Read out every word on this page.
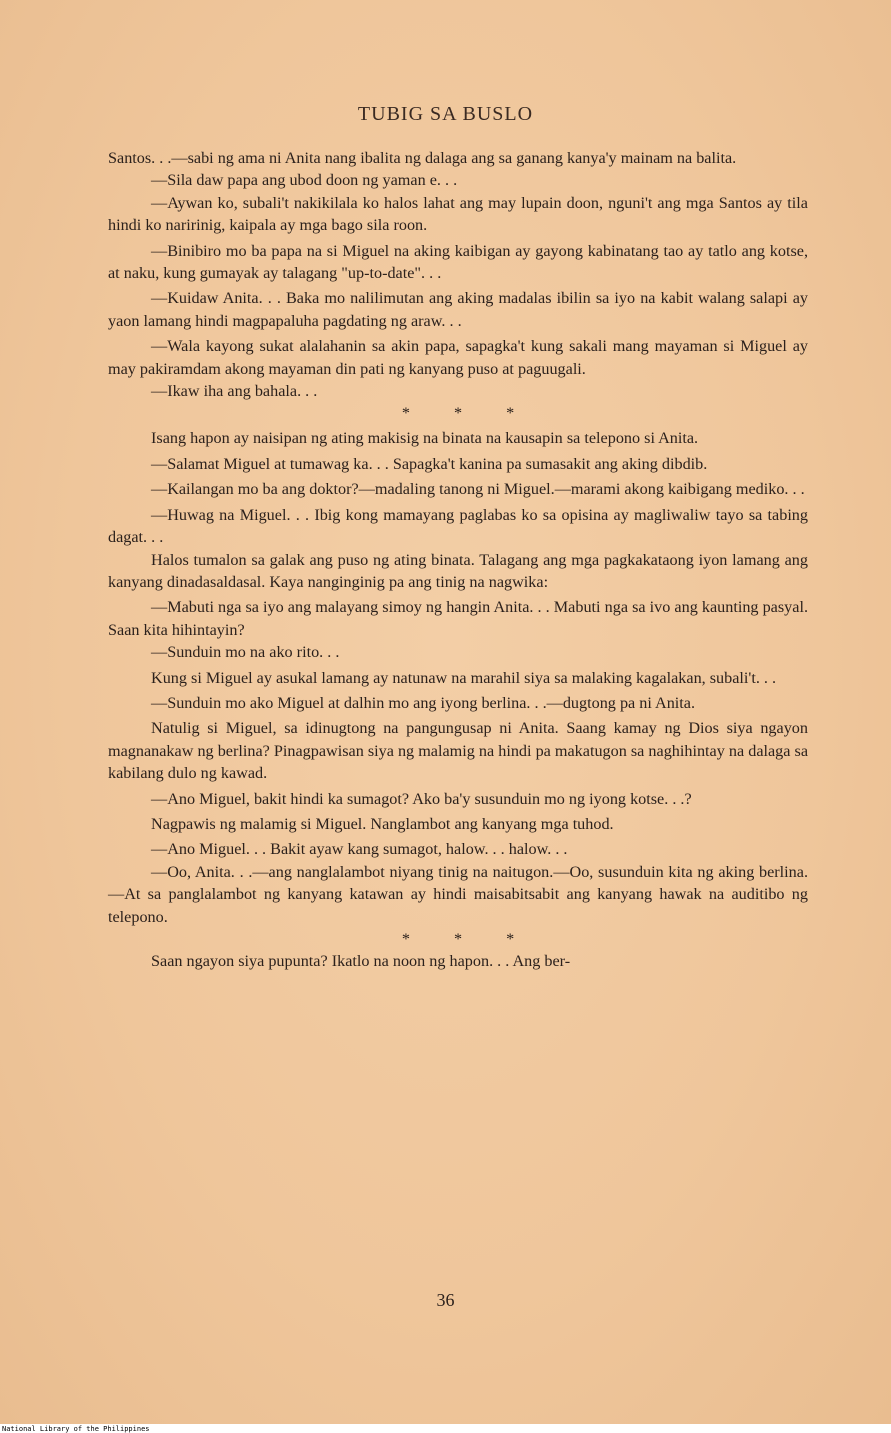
TUBIG SA BUSLO

Santos. . .—sabi ng ama ni Anita nang ibalita ng dalaga ang sa ganang kanya'y mainam na balita.

—Sila daw papa ang ubod doon ng yaman e. . .

—Aywan ko, subali't nakikilala ko halos lahat ang may lupain doon, nguni't ang mga Santos ay tila hindi ko naririnig, kaipala ay mga bago sila roon.

—Binibiro mo ba papa na si Miguel na aking kaibigan ay gayong kabinatang tao ay tatlo ang kotse, at naku, kung gumayak ay talagang "up-to-date". . .

—Kuidaw Anita. . . Baka mo nalilimutan ang aking madalas ibilin sa iyo na kabit walang salapi ay yaon lamang hindi magpapaluha pagdating ng araw. . .

—Wala kayong sukat alalahanin sa akin papa, sapagka't kung sakali mang mayaman si Miguel ay may pakiramdam akong mayaman din pati ng kanyang puso at paguugali.

—Ikaw iha ang bahala. . .

* * *

Isang hapon ay naisipan ng ating makisig na binata na kausapin sa telepono si Anita.

—Salamat Miguel at tumawag ka. . . Sapagka't kanina pa sumasakit ang aking dibdib.

—Kailangan mo ba ang doktor?—madaling tanong ni Miguel.—marami akong kaibigang mediko. . .

—Huwag na Miguel. . . Ibig kong mamayang paglabas ko sa opisina ay magliwaliw tayo sa tabing dagat. . .

Halos tumalon sa galak ang puso ng ating binata. Talagang ang mga pagkakataong iyon lamang ang kanyang dinadasaldasal. Kaya nanginginig pa ang tinig na nagwika:

—Mabuti nga sa iyo ang malayang simoy ng hangin Anita. . . Mabuti nga sa ivo ang kaunting pasyal. Saan kita hihintayin?

—Sunduin mo na ako rito. . .

Kung si Miguel ay asukal lamang ay natunaw na marahil siya sa malaking kagalakan, subali't. . .

—Sunduin mo ako Miguel at dalhin mo ang iyong berlina. . .—dugtong pa ni Anita.

Natulig si Miguel, sa idinugtong na pangungusap ni Anita. Saang kamay ng Dios siya ngayon magnanakaw ng berlina? Pinagpawisan siya ng malamig na hindi pa makatugon sa naghihintay na dalaga sa kabilang dulo ng kawad.

—Ano Miguel, bakit hindi ka sumagot? Ako ba'y susunduin mo ng iyong kotse. . .?

Nagpawis ng malamig si Miguel. Nanglambot ang kanyang mga tuhod.

—Ano Miguel. . . Bakit ayaw kang sumagot, halow. . . halow. . .

—Oo, Anita. . .—ang nanglalambot niyang tinig na naitugon.—Oo, susunduin kita ng aking berlina.—At sa panglalambot ng kanyang katawan ay hindi maisabitsabit ang kanyang hawak na auditibo ng telepono.

* * *

Saan ngayon siya pupunta? Ikatlo na noon ng hapon. . . Ang ber-

36
National Library of the Philippines
